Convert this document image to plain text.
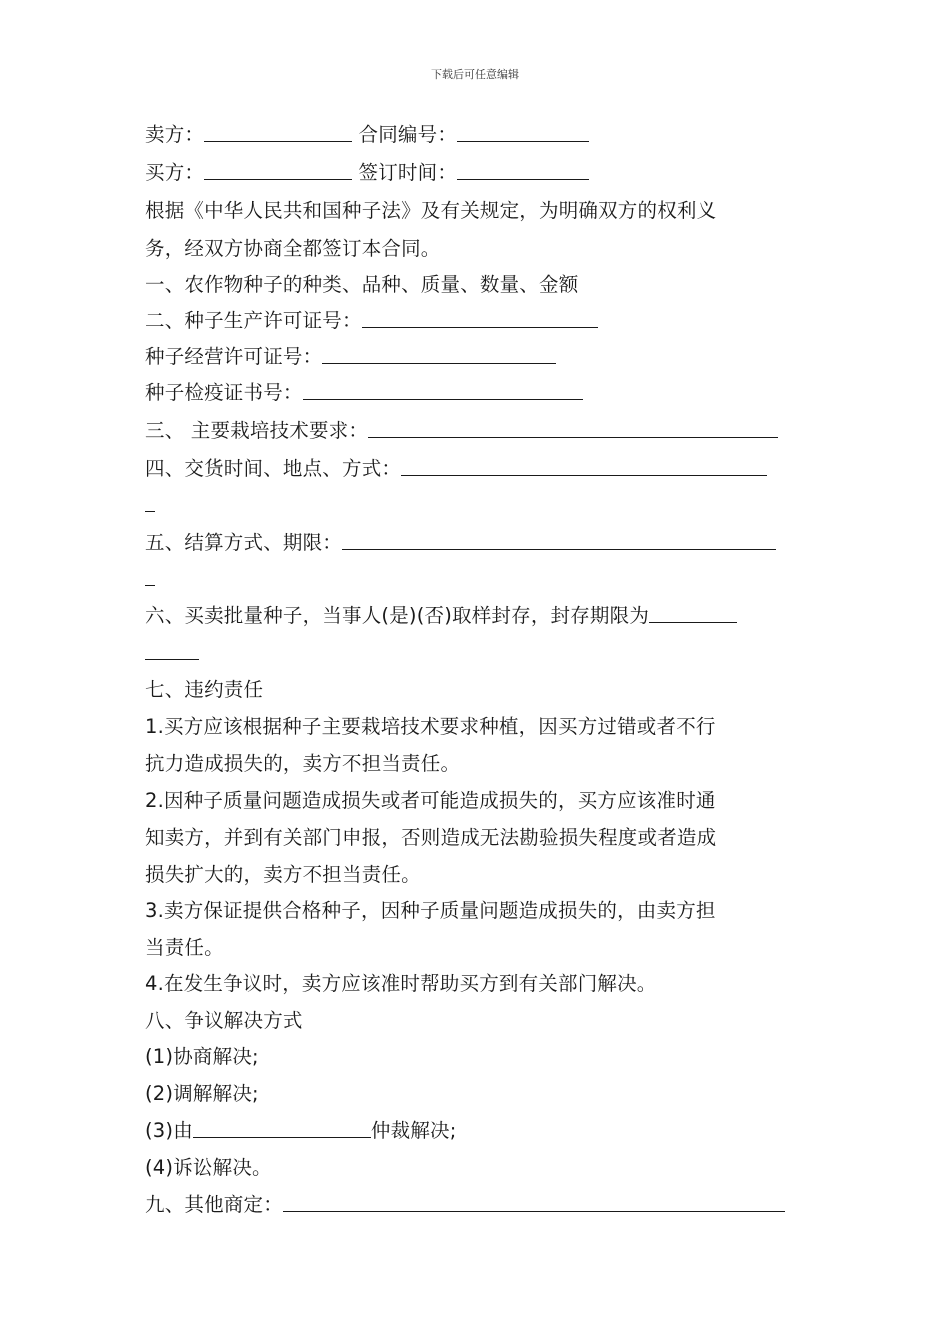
下载后可任意编辑
卖方：	合同编号：
买方：	签订时间：
根据《中华人民共和国种子法》及有关规定，为明确双方的权利义
务，经双方协商全都签订本合同。
一、农作物种子的种类、品种、质量、数量、金额
二、种子生产许可证号：
种子经营许可证号：
种子检疫证书号：
三、 主要栽培技术要求：
四、交货时间、地点、方式：
五、结算方式、期限：
六、买卖批量种子，当事人(是)(否)取样封存，封存期限为
七、违约责任
1.买方应该根据种子主要栽培技术要求种植，因买方过错或者不行
抗力造成损失的，卖方不担当责任。
2.因种子质量问题造成损失或者可能造成损失的，买方应该准时通
知卖方，并到有关部门申报，否则造成无法勘验损失程度或者造成
损失扩大的，卖方不担当责任。
3.卖方保证提供合格种子，因种子质量问题造成损失的，由卖方担
当责任。
4.在发生争议时，卖方应该准时帮助买方到有关部门解决。
八、争议解决方式
(1)协商解决;
(2)调解解决;
(3)由	仲裁解决;
(4)诉讼解决。
九、其他商定：
